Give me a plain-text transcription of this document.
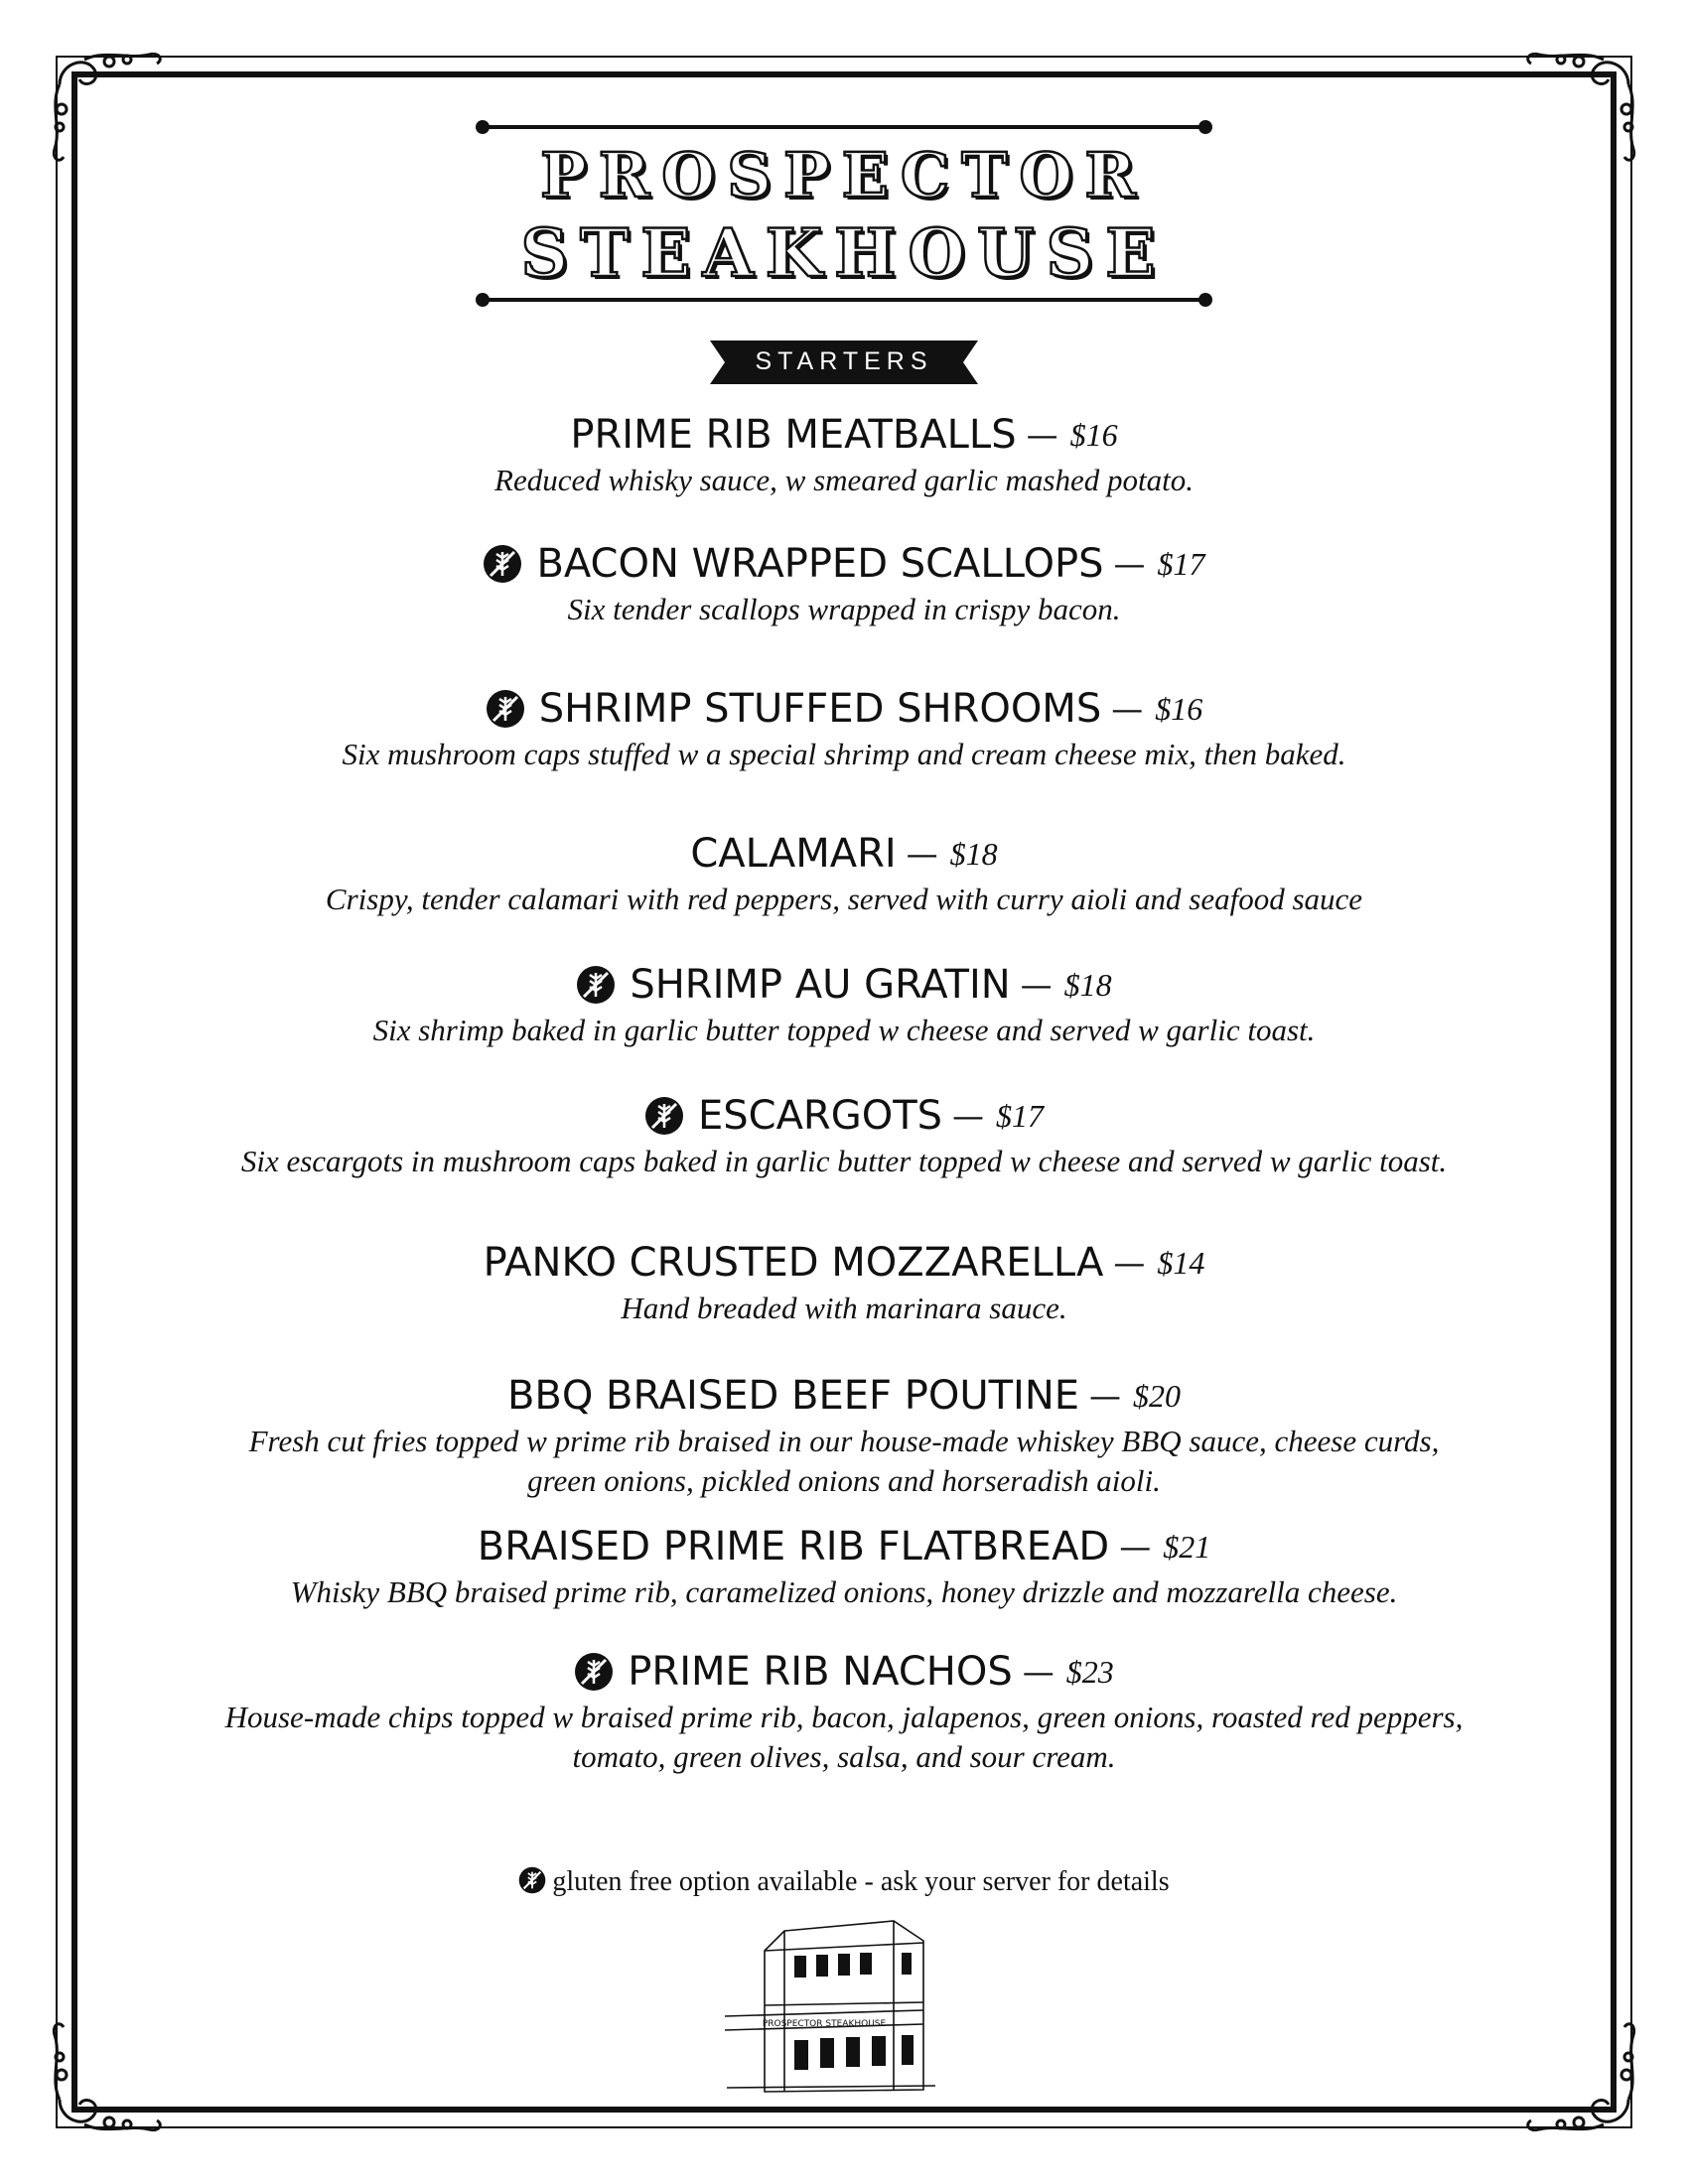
PROSPECTOR
STEAKHOUSE
STARTERS
PRIME RIB MEATBALLS — $16
Reduced whisky sauce, w smeared garlic mashed potato.
BACON WRAPPED SCALLOPS — $17
Six tender scallops wrapped in crispy bacon.
SHRIMP STUFFED SHROOMS — $16
Six mushroom caps stuffed w a special shrimp and cream cheese mix, then baked.
CALAMARI — $18
Crispy, tender calamari with red peppers, served with curry aioli and seafood sauce
SHRIMP AU GRATIN — $18
Six shrimp baked in garlic butter topped w cheese and served w garlic toast.
ESCARGOTS — $17
Six escargots in mushroom caps baked in garlic butter topped w cheese and served w garlic toast.
PANKO CRUSTED MOZZARELLA — $14
Hand breaded with marinara sauce.
BBQ BRAISED BEEF POUTINE — $20
Fresh cut fries topped w prime rib braised in our house-made whiskey BBQ sauce, cheese curds, green onions, pickled onions and horseradish aioli.
BRAISED PRIME RIB FLATBREAD — $21
Whisky BBQ braised prime rib, caramelized onions, honey drizzle and mozzarella cheese.
PRIME RIB NACHOS — $23
House-made chips topped w braised prime rib, bacon, jalapenos, green onions, roasted red peppers, tomato, green olives, salsa, and sour cream.
gluten free option available - ask your server for details
PROSPECTOR STEAKHOUSE
